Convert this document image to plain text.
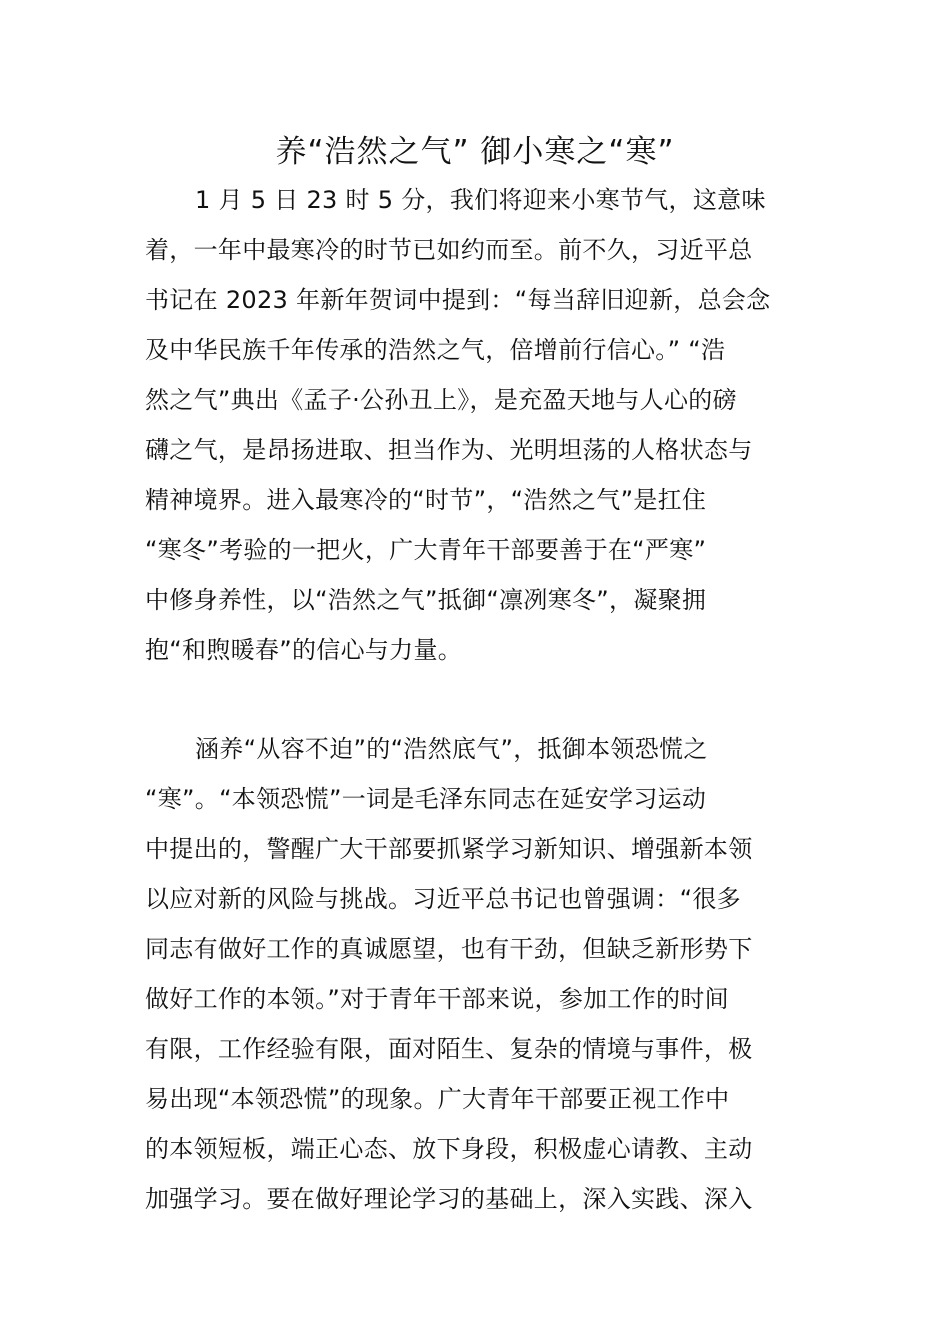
养“浩然之气” 御小寒之“寒”
1 月 5 日 23 时 5 分，我们将迎来小寒节气，这意味
着，一年中最寒冷的时节已如约而至。前不久，习近平总
书记在 2023 年新年贺词中提到：“每当辞旧迎新，总会念
及中华民族千年传承的浩然之气，倍增前行信心。” “浩
然之气”典出《孟子·公孙丑上》，是充盈天地与人心的磅
礴之气，是昂扬进取、担当作为、光明坦荡的人格状态与
精神境界。进入最寒冷的“时节”，“浩然之气”是扛住
“寒冬”考验的一把火，广大青年干部要善于在“严寒”
中修身养性，以“浩然之气”抵御“凛冽寒冬”，凝聚拥
抱“和煦暖春”的信心与力量。
涵养“从容不迫”的“浩然底气”，抵御本领恐慌之
“寒”。“本领恐慌”一词是毛泽东同志在延安学习运动
中提出的，警醒广大干部要抓紧学习新知识、增强新本领
以应对新的风险与挑战。习近平总书记也曾强调：“很多
同志有做好工作的真诚愿望，也有干劲，但缺乏新形势下
做好工作的本领。”对于青年干部来说，参加工作的时间
有限，工作经验有限，面对陌生、复杂的情境与事件，极
易出现“本领恐慌”的现象。广大青年干部要正视工作中
的本领短板，端正心态、放下身段，积极虚心请教、主动
加强学习。要在做好理论学习的基础上，深入实践、深入
